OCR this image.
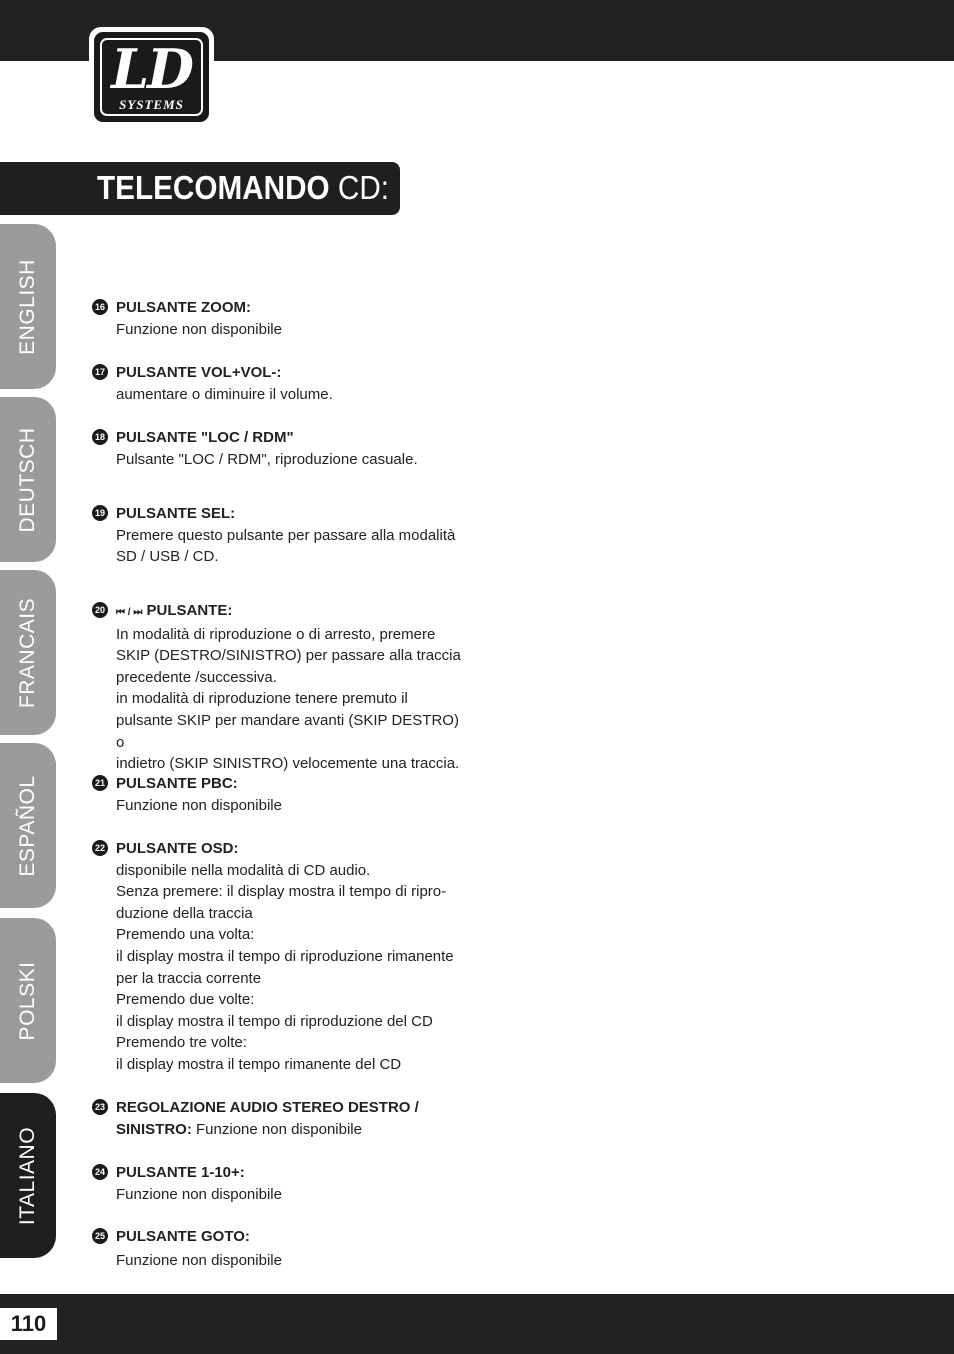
LD
SYSTEMS
TELECOMANDO CD:
ENGLISH
DEUTSCH
FRANCAIS
ESPAÑOL
POLSKI
ITALIANO
16 PULSANTE ZOOM:
Funzione non disponibile
17 PULSANTE VOL+VOL-:
aumentare o diminuire il volume.
18 PULSANTE "LOC / RDM"
Pulsante "LOC / RDM", riproduzione casuale.
19 PULSANTE SEL:
Premere questo pulsante per passare alla modalità
SD / USB / CD.
20	⏮ / ⏭ PULSANTE:
In modalità di riproduzione o di arresto, premere
SKIP (DESTRO/SINISTRO) per passare alla traccia
precedente /successiva.
in modalità di riproduzione tenere premuto il
pulsante SKIP per mandare avanti (SKIP DESTRO) o
indietro (SKIP SINISTRO) velocemente una traccia.
21 PULSANTE PBC:
Funzione non disponibile
22 PULSANTE OSD:
disponibile nella modalità di CD audio.
Senza premere: il display mostra il tempo di ripro-
duzione della traccia
Premendo una volta:
il display mostra il tempo di riproduzione rimanente
per la traccia corrente
Premendo due volte:
il display mostra il tempo di riproduzione del CD
Premendo tre volte:
il display mostra il tempo rimanente del CD
23 REGOLAZIONE AUDIO STEREO DESTRO /
SINISTRO: Funzione non disponibile
24 PULSANTE 1-10+:
Funzione non disponibile
25 PULSANTE GOTO:
Funzione non disponibile
110
